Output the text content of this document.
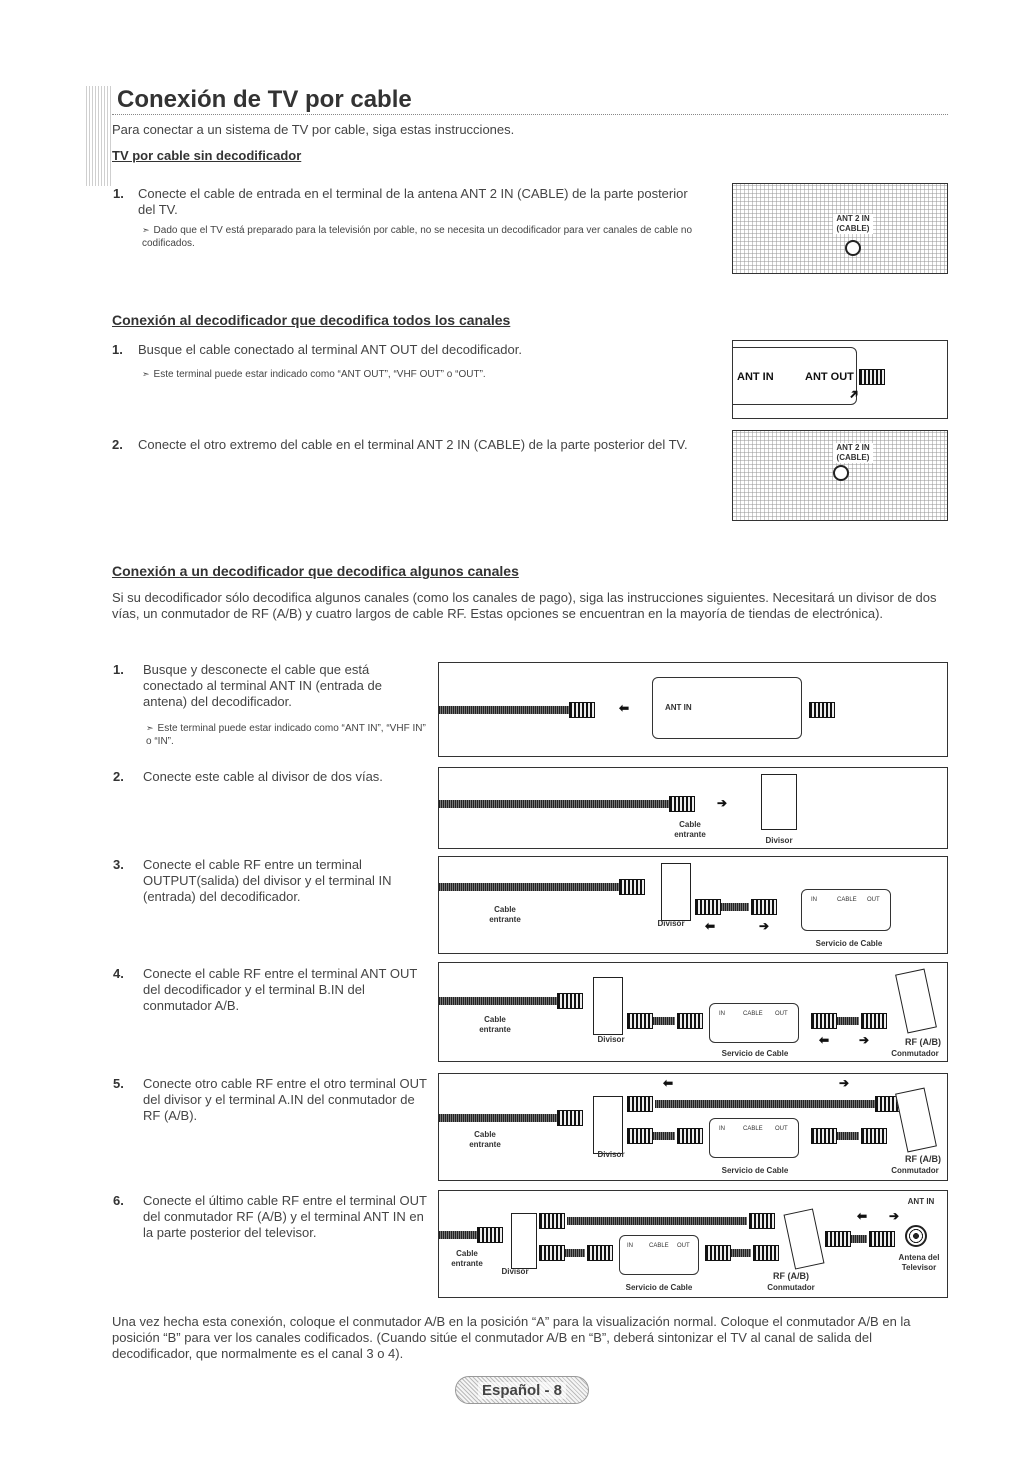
Conexión de TV por cable
Para conectar a un sistema de TV por cable, siga estas instrucciones.
TV por cable sin decodificador
1. Conecte el cable de entrada en el terminal de la antena ANT 2 IN (CABLE) de la parte posterior del TV.
➣ Dado que el TV está preparado para la televisión por cable, no se necesita un decodificador para ver canales de cable no codificados.
ANT 2 IN (CABLE)
Conexión al decodificador que decodifica todos los canales
1. Busque el cable conectado al terminal ANT OUT del decodificador.
➣ Este terminal puede estar indicado como “ANT OUT”, “VHF OUT” o “OUT”.	ANT IN	ANT OUT
➔
2. Conecte el otro extremo del cable en el terminal ANT 2 IN (CABLE) de la parte posterior del TV.	ANT 2 IN (CABLE)
Conexión a un decodificador que decodifica algunos canales
Si su decodificador sólo decodifica algunos canales (como los canales de pago), siga las instrucciones siguientes. Necesitará un divisor de dos vías, un conmutador de RF (A/B) y cuatro largos de cable RF. Estas opciones se encuentran en la mayoría de tiendas de electrónica).
1. Busque y desconecte el cable que está conectado al terminal ANT IN (entrada de antena) del decodificador.
➣ Este terminal puede estar indicado como “ANT IN”, “VHF IN” o “IN”.
⬅	ANT IN
2. Conecte este cable al divisor de dos vías.
➔
Cable entrante
Divisor
3. Conecte el cable RF entre un terminal OUTPUT(salida) del divisor y el terminal IN (entrada) del decodificador.	IN	CABLE OUT
⬅	➔
Cable entrante	Divisor
Servicio de Cable
4. Conecte el cable RF entre el terminal ANT OUT del decodificador y el terminal B.IN del conmutador A/B.
IN	CABLE OUT
⬅ ➔
Cable entrante
Divisor
Servicio de Cable
RF (A/B)
Conmutador
5. Conecte otro cable RF entre el otro terminal OUT del divisor y el terminal A.IN del conmutador de RF (A/B).
⬅	➔
IN	CABLE OUT
Cable entrante
Divisor
Servicio de Cable
RF (A/B)
Conmutador
6. Conecte el último cable RF entre el terminal OUT del conmutador RF (A/B) y el terminal ANT IN en la parte posterior del televisor.
ANT IN
⬅ ➔
IN	CABLE OUT
Cable entrante
Divisor
Servicio de Cable
RF (A/B)
Conmutador
Antena del Televisor
Una vez hecha esta conexión, coloque el conmutador A/B en la posición “A” para la visualización normal. Coloque el conmutador A/B en la posición “B” para ver los canales codificados. (Cuando sitúe el conmutador A/B en “B”, deberá sintonizar el TV al canal de salida del decodificador, que normalmente es el canal 3 o 4).
Español - 8
